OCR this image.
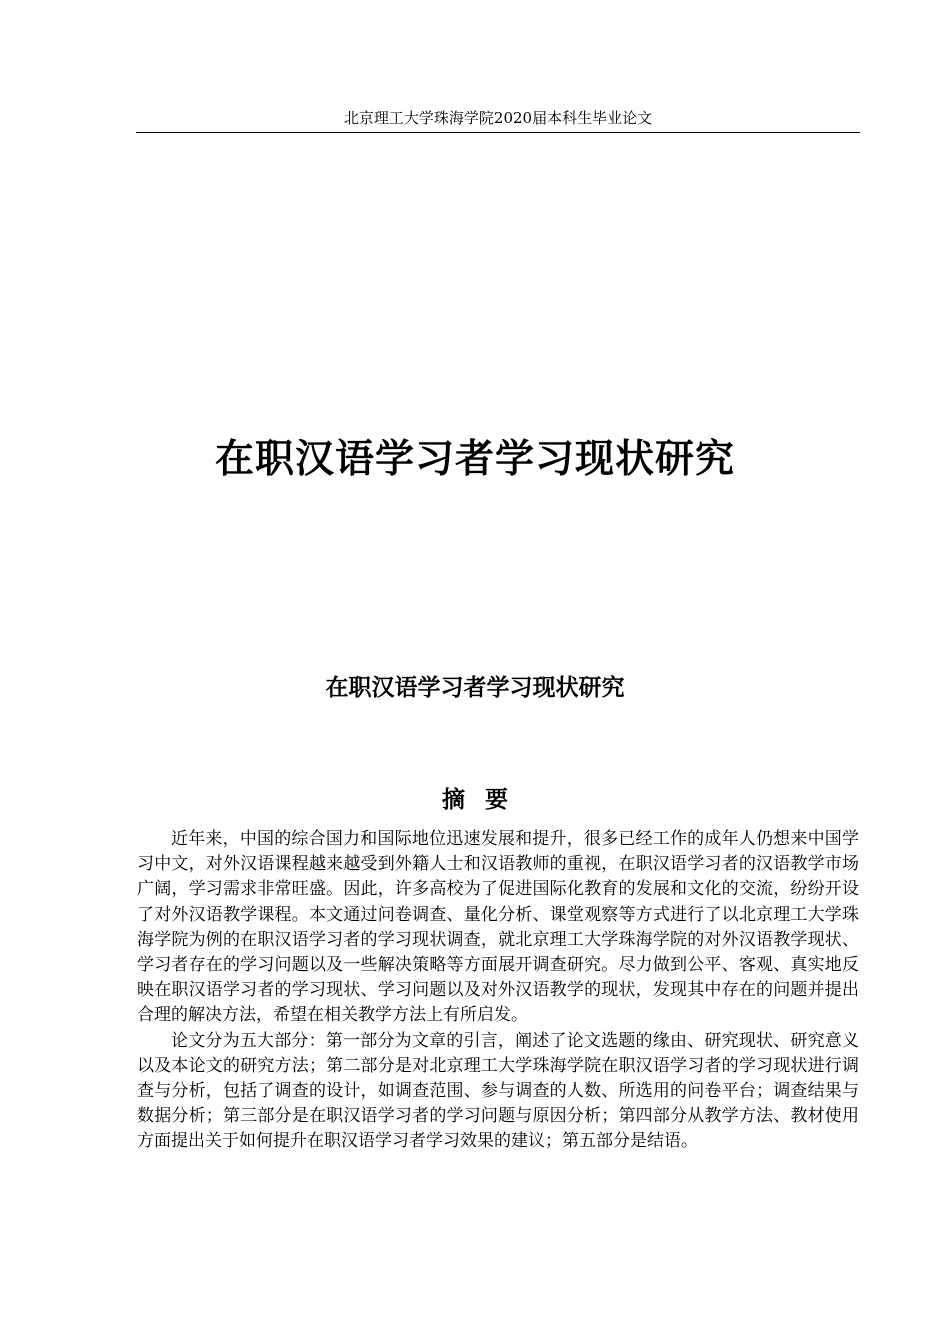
北京理工大学珠海学院2020届本科生毕业论文
在职汉语学习者学习现状研究
在职汉语学习者学习现状研究
摘要

近年来，中国的综合国力和国际地位迅速发展和提升，很多已经工作的成年人仍想来中国学习中文，对外汉语课程越来越受到外籍人士和汉语教师的重视，在职汉语学习者的汉语教学市场广阔，学习需求非常旺盛。因此，许多高校为了促进国际化教育的发展和文化的交流，纷纷开设了对外汉语教学课程。本文通过问卷调查、量化分析、课堂观察等方式进行了以北京理工大学珠海学院为例的在职汉语学习者的学习现状调查，就北京理工大学珠海学院的对外汉语教学现状、学习者存在的学习问题以及一些解决策略等方面展开调查研究。尽力做到公平、客观、真实地反映在职汉语学习者的学习现状、学习问题以及对外汉语教学的现状，发现其中存在的问题并提出合理的解决方法，希望在相关教学方法上有所启发。

论文分为五大部分：第一部分为文章的引言，阐述了论文选题的缘由、研究现状、研究意义以及本论文的研究方法；第二部分是对北京理工大学珠海学院在职汉语学习者的学习现状进行调查与分析，包括了调查的设计，如调查范围、参与调查的人数、所选用的问卷平台；调查结果与数据分析；第三部分是在职汉语学习者的学习问题与原因分析；第四部分从教学方法、教材使用方面提出关于如何提升在职汉语学习者学习效果的建议；第五部分是结语。
